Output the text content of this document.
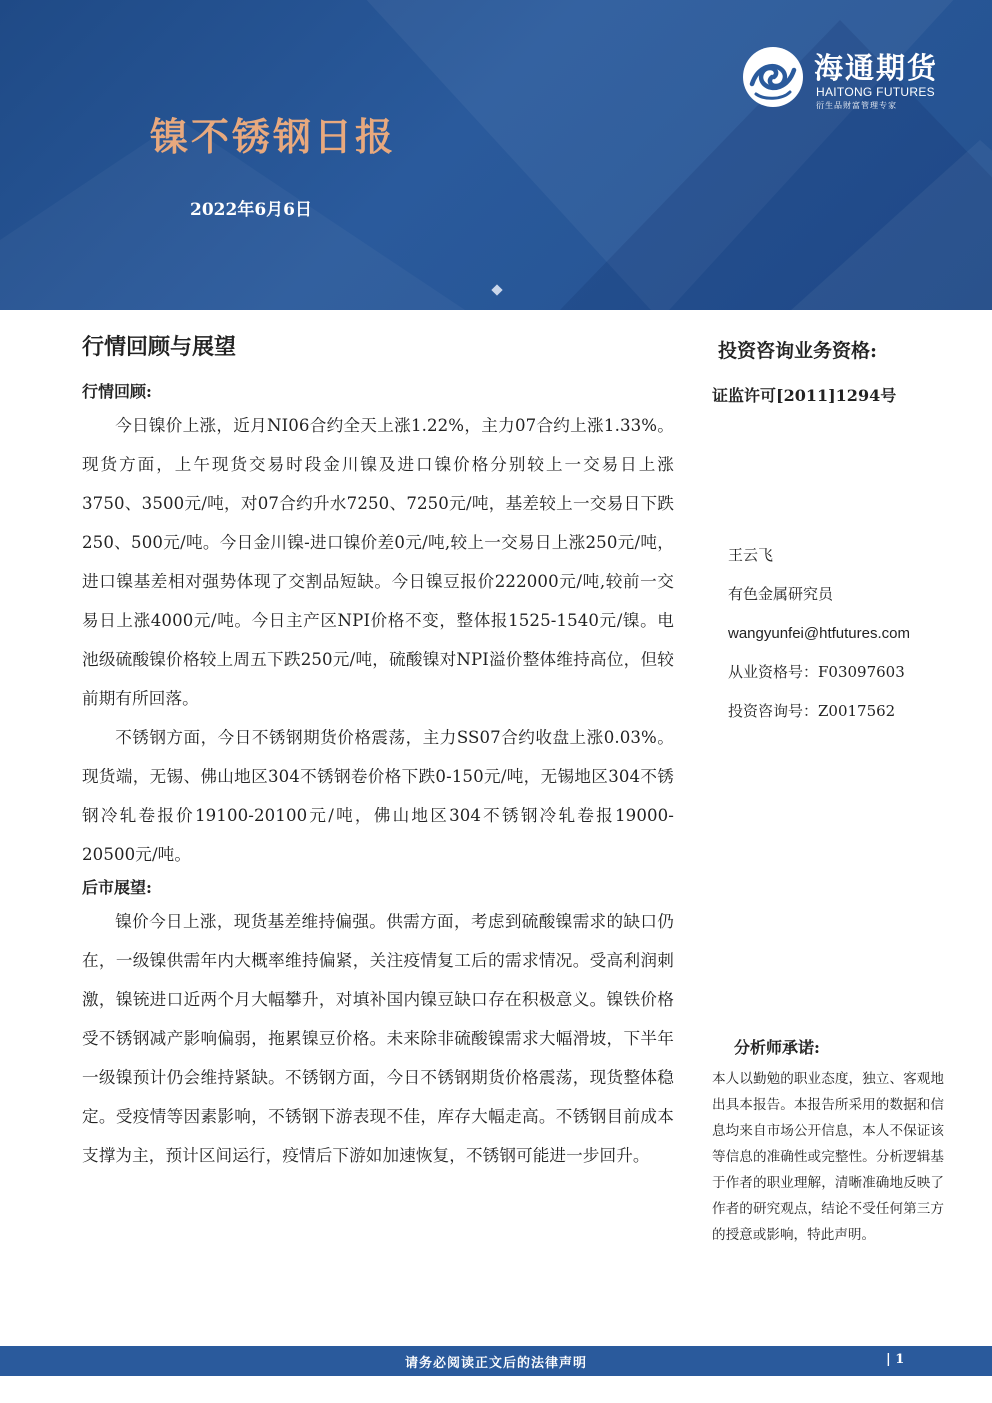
镍不锈钢日报
2022年6月6日
海通期货
HAITONG FUTURES
衍生品财富管理专家
行情回顾与展望
行情回顾:

今日镍价上涨，近月NI06合约全天上涨1.22%，主力07合约上涨1.33%。现货方面，上午现货交易时段金川镍及进口镍价格分别较上一交易日上涨3750、3500元/吨，对07合约升水7250、7250元/吨，基差较上一交易日下跌250、500元/吨。今日金川镍-进口镍价差0元/吨,较上一交易日上涨250元/吨，进口镍基差相对强势体现了交割品短缺。今日镍豆报价222000元/吨,较前一交易日上涨4000元/吨。今日主产区NPI价格不变，整体报1525-1540元/镍。电池级硫酸镍价格较上周五下跌250元/吨，硫酸镍对NPI溢价整体维持高位，但较前期有所回落。

不锈钢方面，今日不锈钢期货价格震荡，主力SS07合约收盘上涨0.03%。现货端，无锡、佛山地区304不锈钢卷价格下跌0-150元/吨，无锡地区304不锈钢冷轧卷报价19100-20100元/吨，佛山地区304不锈钢冷轧卷报19000-20500元/吨。

后市展望:

镍价今日上涨，现货基差维持偏强。供需方面，考虑到硫酸镍需求的缺口仍在，一级镍供需年内大概率维持偏紧，关注疫情复工后的需求情况。受高利润刺激，镍铳进口近两个月大幅攀升，对填补国内镍豆缺口存在积极意义。镍铁价格受不锈钢减产影响偏弱，拖累镍豆价格。未来除非硫酸镍需求大幅滑坡，下半年一级镍预计仍会维持紧缺。不锈钢方面，今日不锈钢期货价格震荡，现货整体稳定。受疫情等因素影响，不锈钢下游表现不佳，库存大幅走高。不锈钢目前成本支撑为主，预计区间运行，疫情后下游如加速恢复，不锈钢可能进一步回升。

投资咨询业务资格:
证监许可[2011]1294号
王云飞
有色金属研究员
wangyunfei@htfutures.com
从业资格号：F03097603
投资咨询号：Z0017562
分析师承诺:
本人以勤勉的职业态度，独立、客观地出具本报告。本报告所采用的数据和信息均来自市场公开信息，本人不保证该等信息的准确性或完整性。分析逻辑基于作者的职业理解，清晰准确地反映了作者的研究观点，结论不受任何第三方的授意或影响，特此声明。
请务必阅读正文后的法律声明	| 1
